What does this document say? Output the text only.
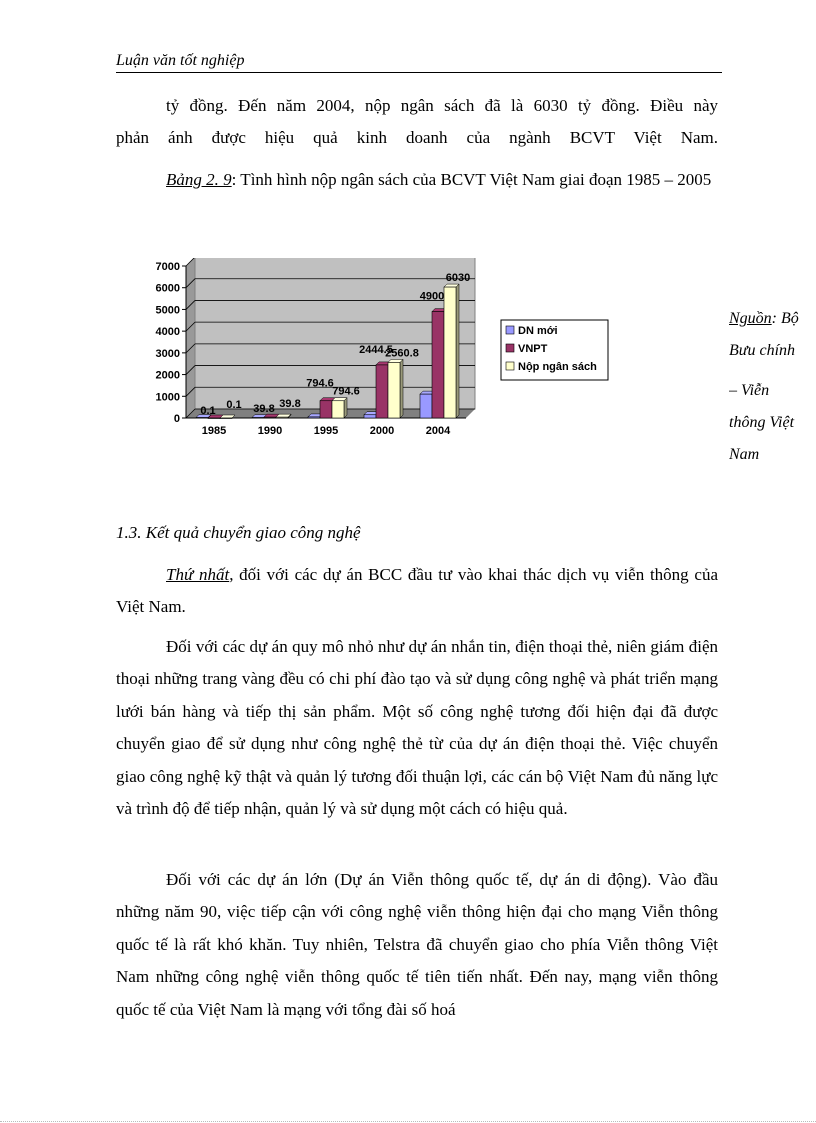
Luận văn tốt nghiệp
tỷ đồng. Đến năm 2004, nộp ngân sách đã là 6030 tỷ đồng. Điều này
phản ánh được hiệu quả kinh doanh của ngành BCVT Việt Nam.
Bảng 2. 9: Tình hình nộp ngân sách của BCVT Việt Nam giai đoạn 1985 – 2005
0
1000
2000
3000
4000
5000
6000
7000
1985	1990	1995	2000	2004
0.1 0.1 39.8 39.8
794.6
794.6
2444.5
2560.8
4900
6030
DN mới
VNPT
Nộp ngân sách
Nguồn: Bộ
Bưu chính
– Viễn
thông Việt
Nam
1.3. Kết quả chuyển giao công nghệ
Thứ nhất, đối với các dự án BCC đầu tư vào khai thác dịch vụ viễn thông của Việt Nam.
Đối với các dự án quy mô nhỏ như dự án nhắn tin, điện thoại thẻ, niên giám điện thoại những trang vàng đều có chi phí đào tạo và sử dụng công nghệ và phát triển mạng lưới bán hàng và tiếp thị sản phẩm. Một số công nghệ tương đối hiện đại đã được chuyển giao để sử dụng như công nghệ thẻ từ của dự án điện thoại thẻ. Việc chuyển giao công nghệ kỹ thật và quản lý tương đối thuận lợi, các cán bộ Việt Nam đủ năng lực và trình độ để tiếp nhận, quản lý và sử dụng một cách có hiệu quả.
Đối với các dự án lớn (Dự án Viễn thông quốc tế, dự án di động). Vào đầu những năm 90, việc tiếp cận với công nghệ viễn thông hiện đại cho mạng Viễn thông quốc tế là rất khó khăn. Tuy nhiên, Telstra đã chuyển giao cho phía Viễn thông Việt Nam những công nghệ viễn thông quốc tế tiên tiến nhất. Đến nay, mạng viễn thông quốc tế của Việt Nam là mạng với tổng đài số hoá
